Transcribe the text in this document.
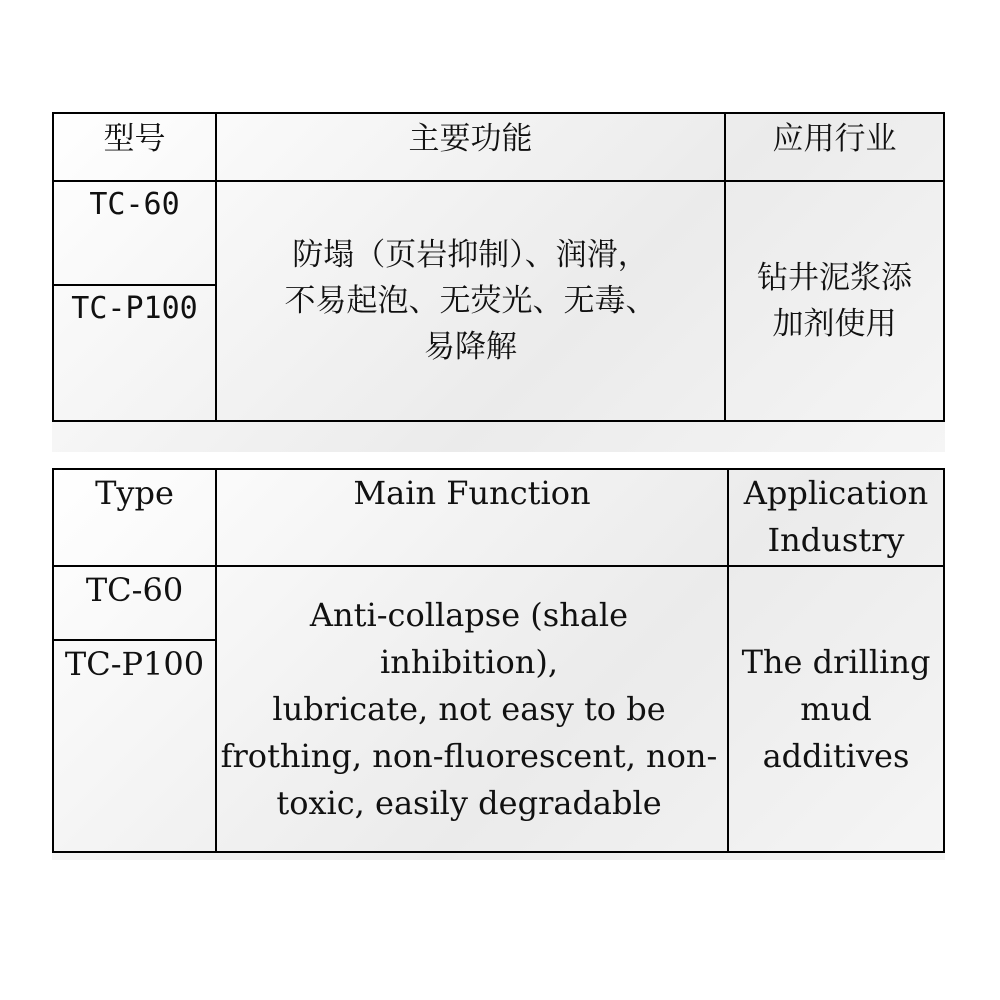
型号	主要功能	应用行业
TC-60	防塌（页岩抑制）、润滑，
不易起泡、无荧光、无毒、
易降解	钻井泥浆添
加剂使用

TC-P100		
Type	Main Function	Application
Industry

TC-60	Anti-collapse (shale inhibition),
lubricate, not easy to be
frothing, non-fluorescent, non-
toxic, easily degradable	The drilling
mud
additives

TC-P100		
